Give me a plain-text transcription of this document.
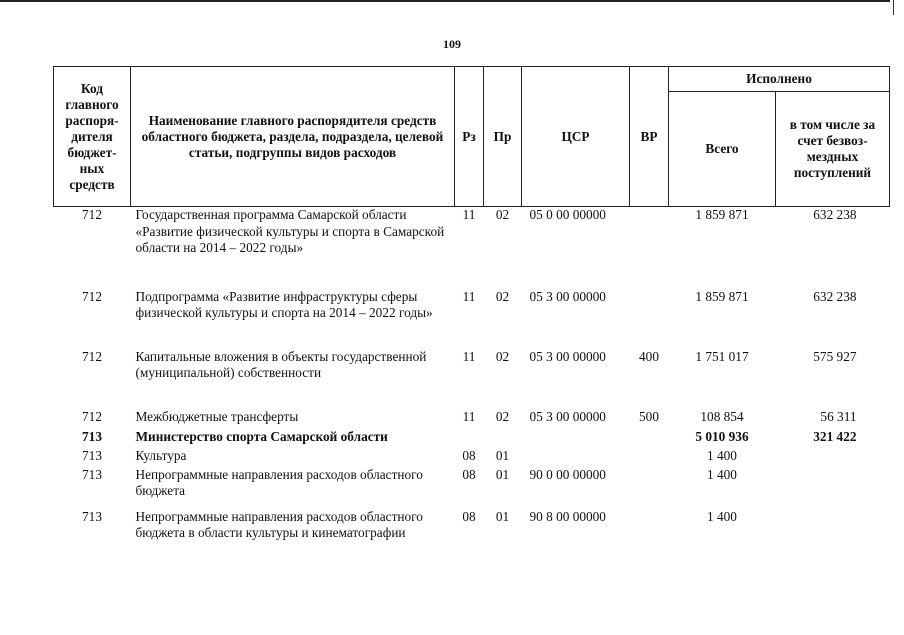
109
Код главного распоря-дителя бюджет-ных средств	Наименование главного распорядителя средств областного бюджета, раздела, подраздела, целевой статьи, подгруппы видов расходов	Рз	Пр	ЦСР	ВР	Исполнено	
						Всего	в том числе за счет безвоз-мездных поступлений
712	Государственная программа Самарской области «Развитие физической культуры и спорта в Самарской области на 2014 – 2022 годы»	11	02	05 0 00 00000		1 859 871	632 238
712	Подпрограмма «Развитие инфраструктуры сферы физической культуры и спорта на 2014 – 2022 годы»	11	02	05 3 00 00000		1 859 871	632 238
712	Капитальные вложения в объекты государственной (муниципальной) собственности	11	02	05 3 00 00000	400	1 751 017	575 927
712	Межбюджетные трансферты	11	02	05 3 00 00000	500	108 854	56 311
713	Министерство спорта Самарской области					5 010 936	321 422
713	Культура	08	01			1 400	
713	Непрограммные направления расходов областного бюджета	08	01	90 0 00 00000		1 400	
713	Непрограммные направления расходов областного бюджета в области культуры и кинематографии	08	01	90 8 00 00000		1 400	
